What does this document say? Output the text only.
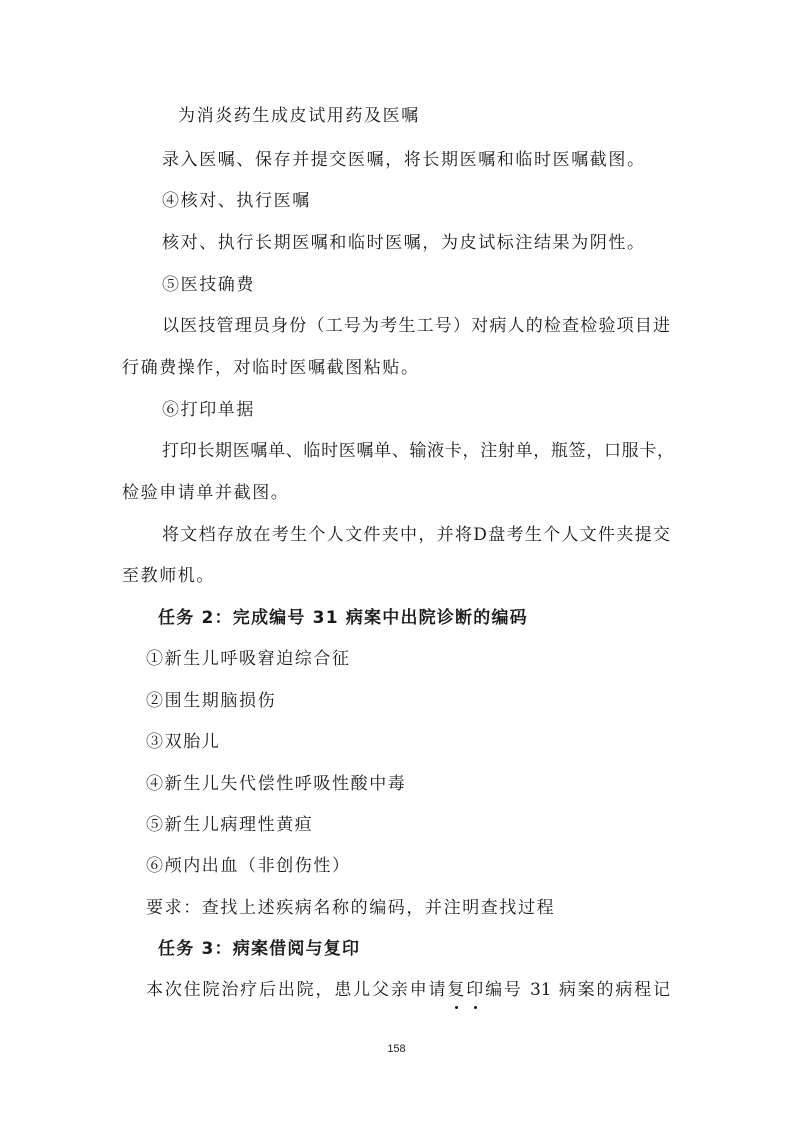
为消炎药生成皮试用药及医嘱
录入医嘱、保存并提交医嘱，将长期医嘱和临时医嘱截图。
④核对、执行医嘱
核对、执行长期医嘱和临时医嘱，为皮试标注结果为阴性。
⑤医技确费
以医技管理员身份（工号为考生工号）对病人的检查检验项目进
行确费操作，对临时医嘱截图粘贴。
⑥打印单据
打印长期医嘱单、临时医嘱单、输液卡，注射单，瓶签，口服卡，
检验申请单并截图。
将文档存放在考生个人文件夹中，并将D盘考生个人文件夹提交
至教师机。
任务 2：完成编号 31 病案中出院诊断的编码
①新生儿呼吸窘迫综合征
②围生期脑损伤
③双胎儿
④新生儿失代偿性呼吸性酸中毒
⑤新生儿病理性黄疸
⑥颅内出血（非创伤性）
要求：查找上述疾病名称的编码，并注明查找过程
任务 3：病案借阅与复印
本次住院治疗后出院，患儿父亲申请复印编号 31 病案的病程记
158
